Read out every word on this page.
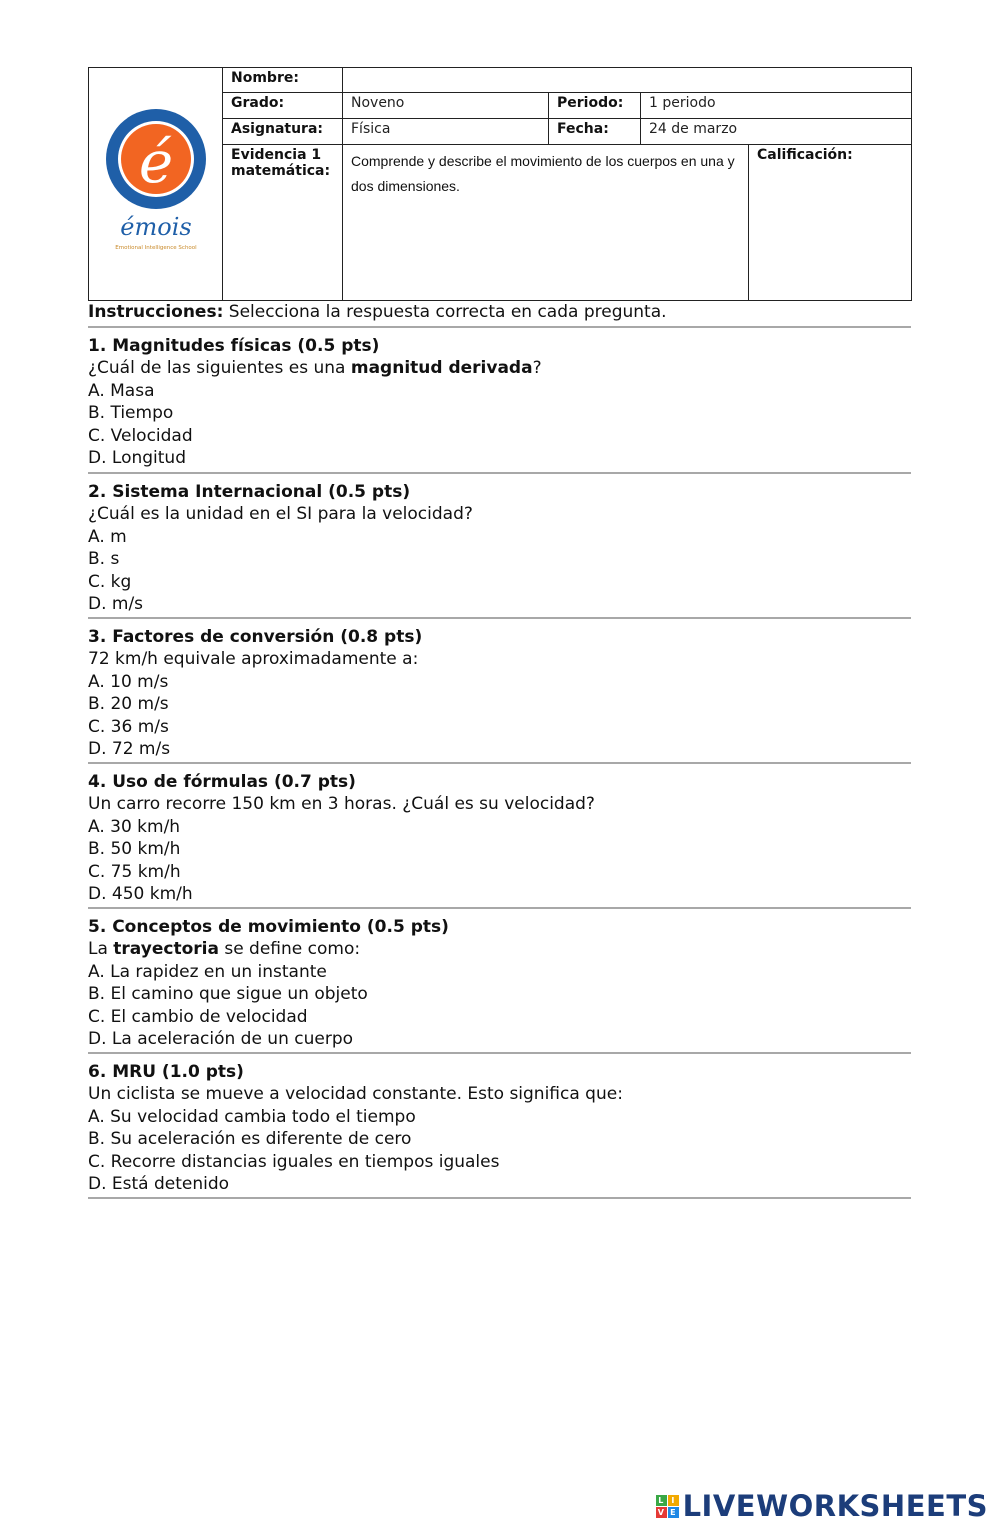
é
émois
Emotional Intelligence School	Nombre:				
	Grado:	Noveno	Periodo:	1 periodo	
	Asignatura:	Física	Fecha:	24 de marzo	
	Evidencia 1 matemática:	Comprende y describe el movimiento de los cuerpos en una y dos dimensiones.			Calificación:
Instrucciones: Selecciona la respuesta correcta en cada pregunta.
1. Magnitudes físicas (0.5 pts)
¿Cuál de las siguientes es una magnitud derivada?
A. Masa
B. Tiempo
C. Velocidad
D. Longitud
2. Sistema Internacional (0.5 pts)
¿Cuál es la unidad en el SI para la velocidad?
A. m
B. s
C. kg
D. m/s
3. Factores de conversión (0.8 pts)
72 km/h equivale aproximadamente a:
A. 10 m/s
B. 20 m/s
C. 36 m/s
D. 72 m/s
4. Uso de fórmulas (0.7 pts)
Un carro recorre 150 km en 3 horas. ¿Cuál es su velocidad?
A. 30 km/h
B. 50 km/h
C. 75 km/h
D. 450 km/h
5. Conceptos de movimiento (0.5 pts)
La trayectoria se define como:
A. La rapidez en un instante
B. El camino que sigue un objeto
C. El cambio de velocidad
D. La aceleración de un cuerpo
6. MRU (1.0 pts)
Un ciclista se mueve a velocidad constante. Esto significa que:
A. Su velocidad cambia todo el tiempo
B. Su aceleración es diferente de cero
C. Recorre distancias iguales en tiempos iguales
D. Está detenido
L I
V E LIVEWORKSHEETS
